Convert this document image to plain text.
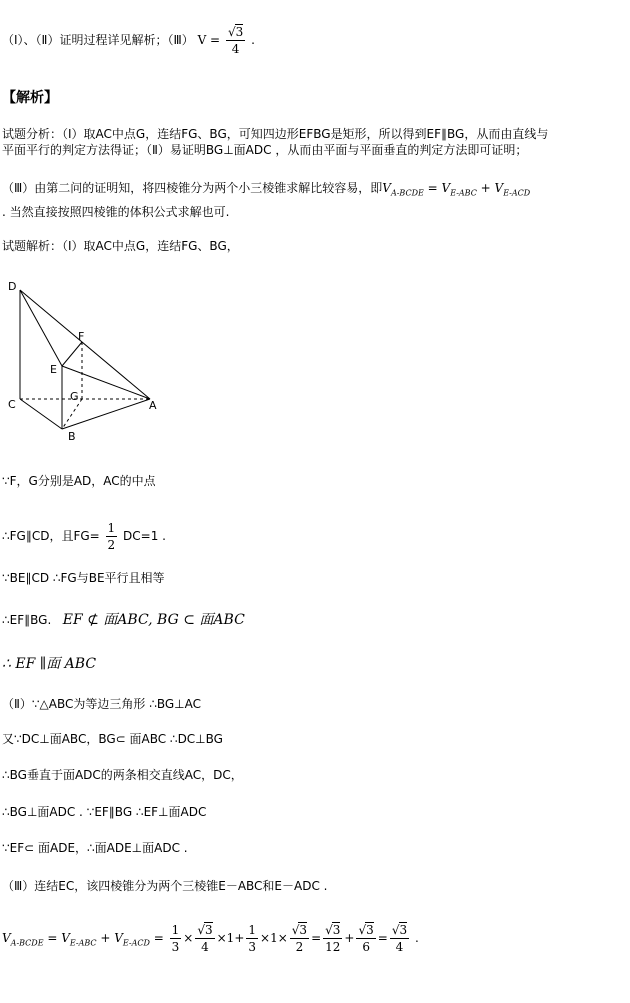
（Ⅰ）、（Ⅱ）证明过程详见解析；（Ⅲ） $V = \frac{√3}{4}$ .
【解析】
试题分析：（Ⅰ）取AC中点G，连结FG、BG，可知四边形EFBG是矩形，所以得到EF∥BG，从而由直线与
平面平行的判定方法得证；（Ⅱ）易证明BG⊥面ADC ，从而由平面与平面垂直的判定方法即可证明；
（Ⅲ）由第二问的证明知，将四棱锥分为两个小三棱锥求解比较容易，即$V_{A-BCDE} = V_{E-ABC} + V_{E-ACD}$
. 当然直接按照四棱锥的体积公式求解也可.
试题解析：（Ⅰ）取AC中点G，连结FG、BG，
D
F
E
C
G
A
B
∵F，G分别是AD，AC的中点
∴FG∥CD，且$FG= \frac{1}{2} DC=1$ .
∵BE∥CD ∴FG与BE平行且相等
∴EF∥BG. EF ⊄ 面ABC, BG ⊂ 面ABC
∴ EF ∥面 ABC
（Ⅱ）∵△ABC为等边三角形 ∴BG⊥AC
又∵DC⊥面ABC，BG⊂ 面ABC ∴DC⊥BG
∴BG垂直于面ADC的两条相交直线AC，DC，
∴BG⊥面ADC . ∵EF∥BG ∴EF⊥面ADC
∵EF⊂ 面ADE，∴面ADE⊥面ADC .
（Ⅲ）连结EC，该四棱锥分为两个三棱锥E－ABC和E－ADC .
$V_{A-BCDE} = V_{E-ABC} + V_{E-ACD} = \frac{1}{3} \times \frac{√3}{4} \times 1+ \frac{1}{3} \times 1\times \frac{√3}{2} = \frac{√3}{12} + \frac{√3}{6} = \frac{√3}{4}$ .
